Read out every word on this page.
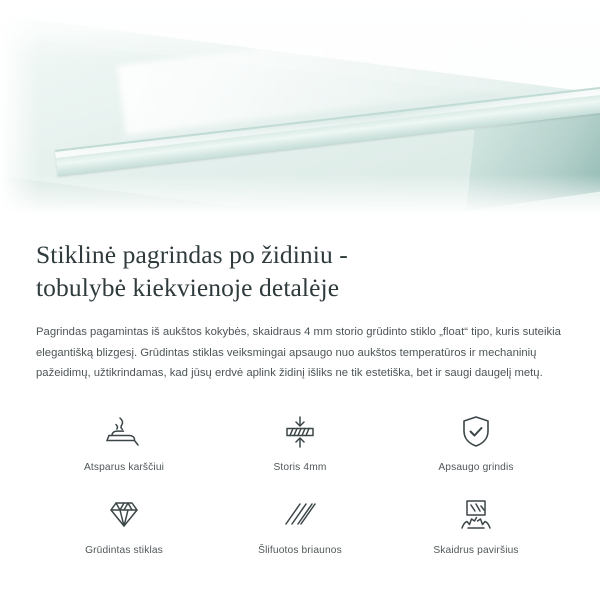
Stiklinė pagrindas po židiniu -
tobulybė kiekvienoje detalėje

Pagrindas pagamintas iš aukštos kokybės, skaidraus 4 mm storio grūdinto stiklo „float“ tipo, kuris suteikia elegantišką blizgesį. Grūdintas stiklas veiksmingai apsaugo nuo aukštos temperatūros ir mechaninių pažeidimų, užtikrindamas, kad jūsų erdvė aplink židinį išliks ne tik estetiška, bet ir saugi daugelį metų.

Atsparus karščiui	Storis 4mm	Apsaugo grindis
Grūdintas stiklas	Šlifuotos briaunos	Skaidrus paviršius
